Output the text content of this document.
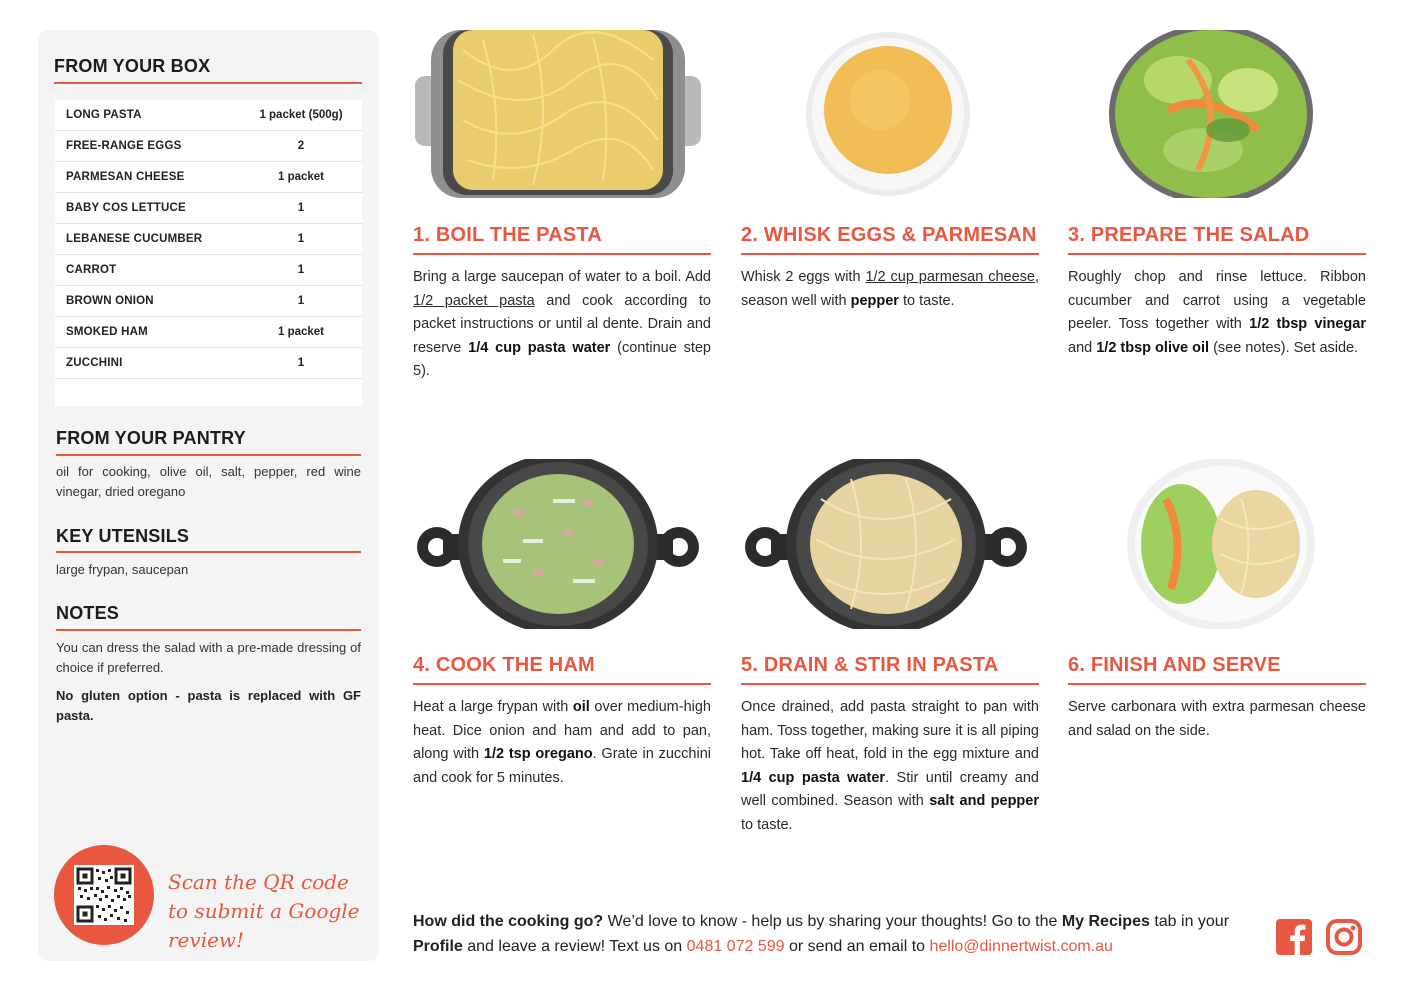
FROM YOUR BOX
LONG PASTA	1 packet (500g)
FREE-RANGE EGGS	2
PARMESAN CHEESE	1 packet
BABY COS LETTUCE	1
LEBANESE CUCUMBER	1
CARROT	1
BROWN ONION	1
SMOKED HAM	1 packet
ZUCCHINI	1
FROM YOUR PANTRY
oil for cooking, olive oil, salt, pepper, red wine vinegar, dried oregano
KEY UTENSILS
large frypan, saucepan
NOTES
You can dress the salad with a pre-made dressing of choice if preferred.
No gluten option - pasta is replaced with GF pasta.
Scan the QR code to submit a Google review!
1. BOIL THE PASTA
Bring a large saucepan of water to a boil. Add 1/2 packet pasta and cook according to packet instructions or until al dente. Drain and reserve 1/4 cup pasta water (continue step 5).
2. WHISK EGGS & PARMESAN
Whisk 2 eggs with 1/2 cup parmesan cheese, season well with pepper to taste.
3. PREPARE THE SALAD
Roughly chop and rinse lettuce. Ribbon cucumber and carrot using a vegetable peeler. Toss together with 1/2 tbsp vinegar and 1/2 tbsp olive oil (see notes). Set aside.
4. COOK THE HAM
Heat a large frypan with oil over medium-high heat. Dice onion and ham and add to pan, along with 1/2 tsp oregano. Grate in zucchini and cook for 5 minutes.
5. DRAIN & STIR IN PASTA
Once drained, add pasta straight to pan with ham. Toss together, making sure it is all piping hot. Take off heat, fold in the egg mixture and 1/4 cup pasta water. Stir until creamy and well combined. Season with salt and pepper to taste.
6. FINISH AND SERVE
Serve carbonara with extra parmesan cheese and salad on the side.
How did the cooking go? We’d love to know - help us by sharing your thoughts! Go to the My Recipes tab in your Profile and leave a review! Text us on 0481 072 599 or send an email to hello@dinnertwist.com.au
